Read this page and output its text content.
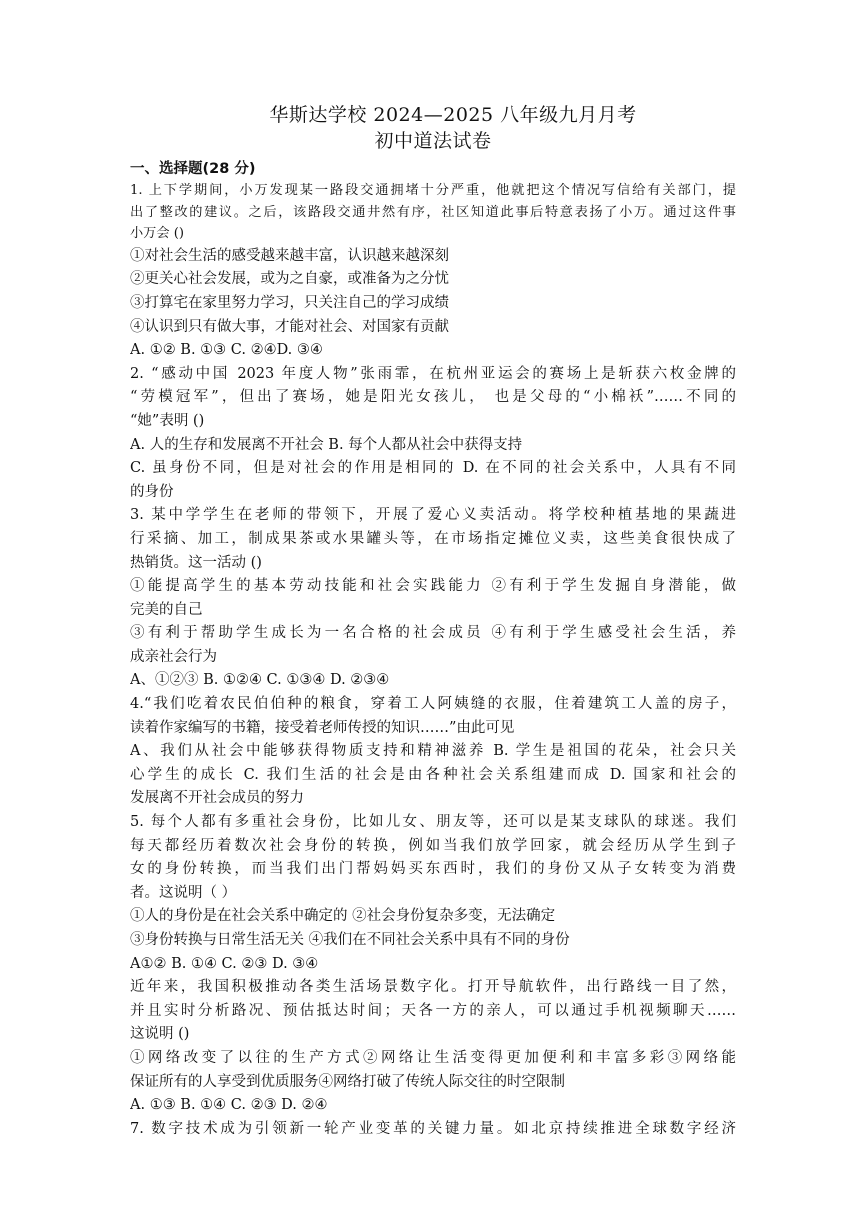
华斯达学校 2024—2025 八年级九月月考
初中道法试卷
一、选择题(28 分)
1. 上下学期间，小万发现某一路段交通拥堵十分严重，他就把这个情况写信给有关部门，提
出了整改的建议。之后，该路段交通井然有序，社区知道此事后特意表扬了小万。通过这件事
小万会 ()
①对社会生活的感受越来越丰富，认识越来越深刻
②更关心社会发展，或为之自豪，或准备为之分忧
③打算宅在家里努力学习，只关注自己的学习成绩
④认识到只有做大事，才能对社会、对国家有贡献
A. ①② B. ①③ C. ②④D. ③④
2. “感动中国 2023 年度人物”张雨霏，在杭州亚运会的赛场上是斩获六枚金牌的
“劳模冠军”，但出了赛场，她是阳光女孩儿， 也是父母的“小棉袄”……不同的
“她”表明 ()
A. 人的生存和发展离不开社会 B. 每个人都从社会中获得支持
C. 虽身份不同，但是对社会的作用是相同的 D. 在不同的社会关系中，人具有不同
的身份
3. 某中学学生在老师的带领下，开展了爱心义卖活动。将学校种植基地的果蔬进
行采摘、加工，制成果茶或水果罐头等，在市场指定摊位义卖，这些美食很快成了
热销货。这一活动 ()
①能提高学生的基本劳动技能和社会实践能力 ②有利于学生发掘自身潜能，做
完美的自己
③有利于帮助学生成长为一名合格的社会成员 ④有利于学生感受社会生活，养
成亲社会行为
A、①②③ B. ①②④ C. ①③④ D. ②③④
4.“我们吃着农民伯伯种的粮食，穿着工人阿姨缝的衣服，住着建筑工人盖的房子，
读着作家编写的书籍，接受着老师传授的知识……”由此可见
A、我们从社会中能够获得物质支持和精神滋养 B. 学生是祖国的花朵，社会只关
心学生的成长 C. 我们生活的社会是由各种社会关系组建而成 D. 国家和社会的
发展离不开社会成员的努力
5. 每个人都有多重社会身份，比如儿女、朋友等，还可以是某支球队的球迷。我们
每天都经历着数次社会身份的转换，例如当我们放学回家，就会经历从学生到子
女的身份转换，而当我们出门帮妈妈买东西时，我们的身份又从子女转变为消费
者。这说明（ ）
①人的身份是在社会关系中确定的 ②社会身份复杂多变，无法确定
③身份转换与日常生活无关 ④我们在不同社会关系中具有不同的身份
A①② B. ①④ C. ②③ D. ③④
近年来，我国积极推动各类生活场景数字化。打开导航软件，出行路线一目了然，
并且实时分析路况、预估抵达时间；天各一方的亲人，可以通过手机视频聊天……
这说明 ()
①网络改变了以往的生产方式②网络让生活变得更加便利和丰富多彩③网络能
保证所有的人享受到优质服务④网络打破了传统人际交往的时空限制
A. ①③ B. ①④ C. ②③ D. ②④
7. 数字技术成为引领新一轮产业变革的关键力量。如北京持续推进全球数字经济
